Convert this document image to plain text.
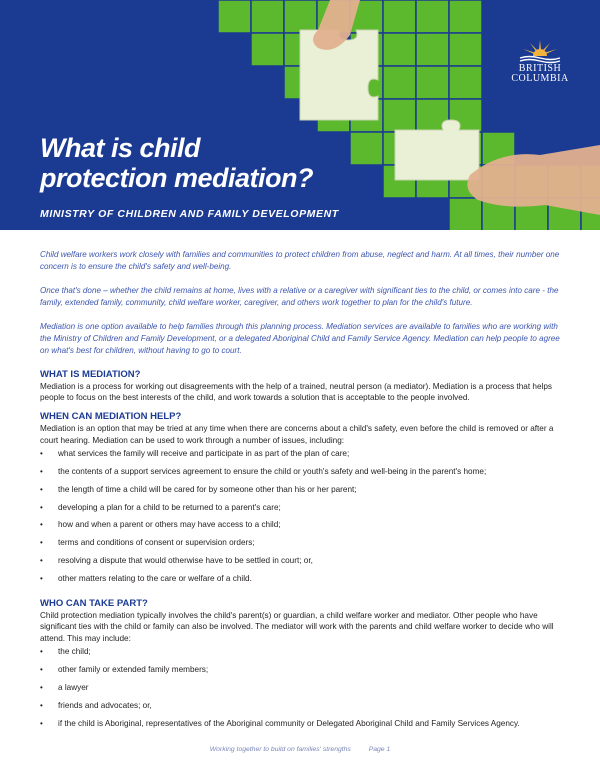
What is child
protection mediation?

MINISTRY OF CHILDREN AND FAMILY DEVELOPMENT

BRITISH
COLUMBIA

Child welfare workers work closely with families and communities to protect children from abuse, neglect and harm. At all times, their number one concern is to ensure the child's safety and well-being.

Once that's done – whether the child remains at home, lives with a relative or a caregiver with significant ties to the child, or comes into care - the family, extended family, community, child welfare worker, caregiver, and others work together to plan for the child's future.

Mediation is one option available to help families through this planning process. Mediation services are available to families who are working with the Ministry of Children and Family Development, or a delegated Aboriginal Child and Family Service Agency. Mediation can help people to agree on what's best for children, without having to go to court.

WHAT IS MEDIATION?

Mediation is a process for working out disagreements with the help of a trained, neutral person (a mediator). Mediation is a process that helps people to focus on the best interests of the child, and work towards a solution that is acceptable to the people involved.

WHEN CAN MEDIATION HELP?

Mediation is an option that may be tried at any time when there are concerns about a child's safety, even before the child is removed or after a court hearing. Mediation can be used to work through a number of issues, including:

• what services the family will receive and participate in as part of the plan of care;
• the contents of a support services agreement to ensure the child or youth's safety and well-being in the parent's home;
• the length of time a child will be cared for by someone other than his or her parent;
• developing a plan for a child to be returned to a parent's care;
• how and when a parent or others may have access to a child;
• terms and conditions of consent or supervision orders;
• resolving a dispute that would otherwise have to be settled in court; or,
• other matters relating to the care or welfare of a child.
WHO CAN TAKE PART?

Child protection mediation typically involves the child's parent(s) or guardian, a child welfare worker and mediator. Other people who have significant ties with the child or family can also be involved. The mediator will work with the parents and child welfare worker to decide who will attend. This may include:

• the child;
• other family or extended family members;
• a lawyer
• friends and advocates; or,
• if the child is Aboriginal, representatives of the Aboriginal community or Delegated Aboriginal Child and Family Services Agency.
Working together to build on families' strengths	Page 1
